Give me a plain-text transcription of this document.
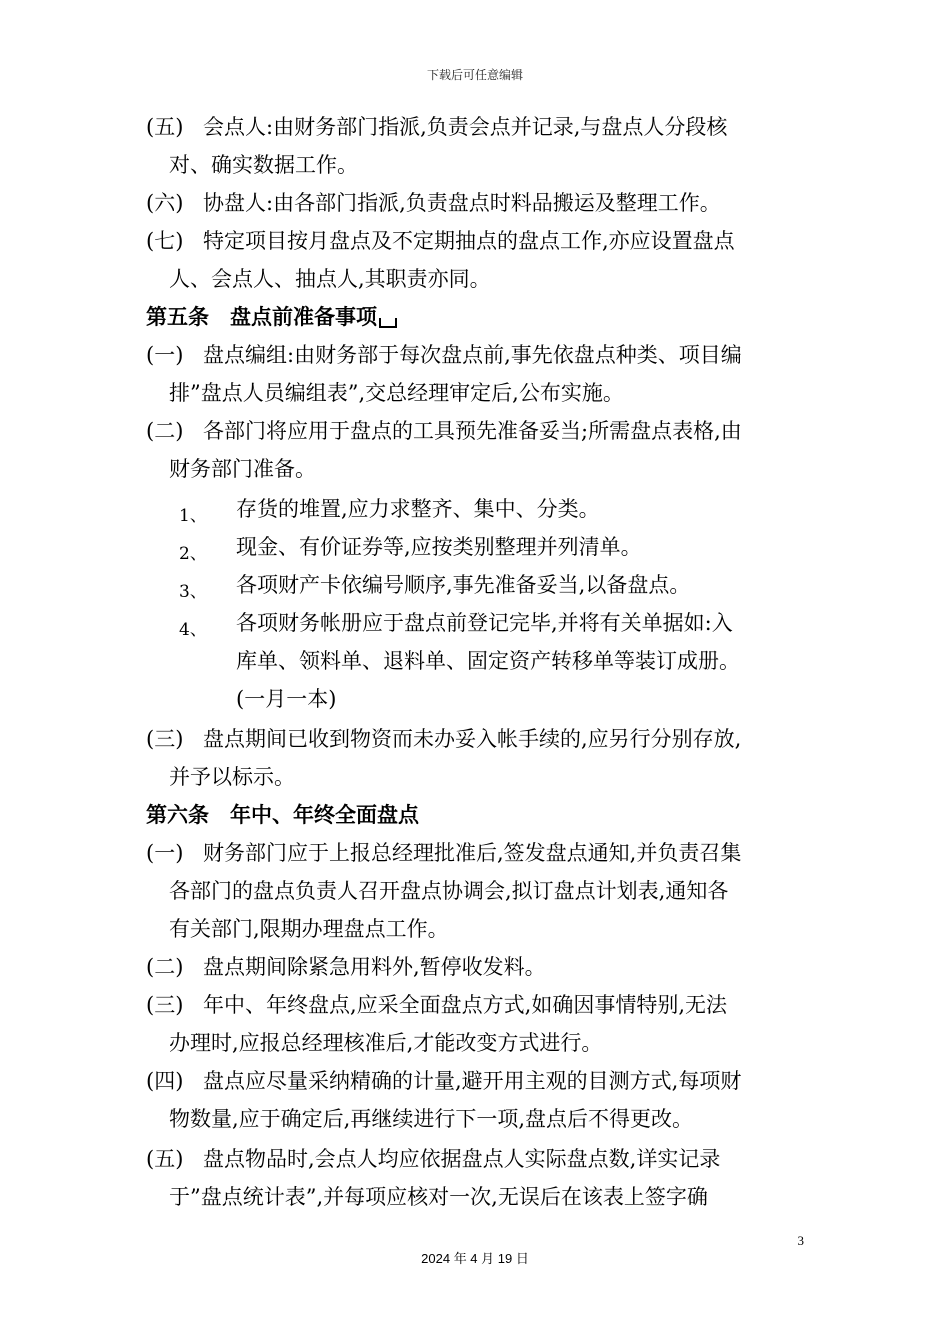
下载后可任意编辑
(五) 会点人:由财务部门指派,负责会点并记录,与盘点人分段核
对、确实数据工作。
(六) 协盘人:由各部门指派,负责盘点时料品搬运及整理工作。
(七) 特定项目按月盘点及不定期抽点的盘点工作,亦应设置盘点
人、会点人、抽点人,其职责亦同。
第五条　盘点前准备事项
(一) 盘点编组:由财务部于每次盘点前,事先依盘点种类、项目编
排”盘点人员编组表”,交总经理审定后,公布实施。
(二) 各部门将应用于盘点的工具预先准备妥当;所需盘点表格,由
财务部门准备。
1、 存货的堆置,应力求整齐、集中、分类。
2、 现金、有价证券等,应按类别整理并列清单。
3、 各项财产卡依编号顺序,事先准备妥当,以备盘点。
4、 各项财务帐册应于盘点前登记完毕,并将有关单据如:入
库单、领料单、退料单、固定资产转移单等装订成册。
(一月一本)
(三) 盘点期间已收到物资而未办妥入帐手续的,应另行分别存放,
并予以标示。
第六条　年中、年终全面盘点
(一) 财务部门应于上报总经理批准后,签发盘点通知,并负责召集
各部门的盘点负责人召开盘点协调会,拟订盘点计划表,通知各
有关部门,限期办理盘点工作。
(二) 盘点期间除紧急用料外,暂停收发料。
(三) 年中、年终盘点,应采全面盘点方式,如确因事情特别,无法
办理时,应报总经理核准后,才能改变方式进行。
(四) 盘点应尽量采纳精确的计量,避开用主观的目测方式,每项财
物数量,应于确定后,再继续进行下一项,盘点后不得更改。
(五) 盘点物品时,会点人均应依据盘点人实际盘点数,详实记录
于”盘点统计表”,并每项应核对一次,无误后在该表上签字确
3
2024 年 4 月 19 日
